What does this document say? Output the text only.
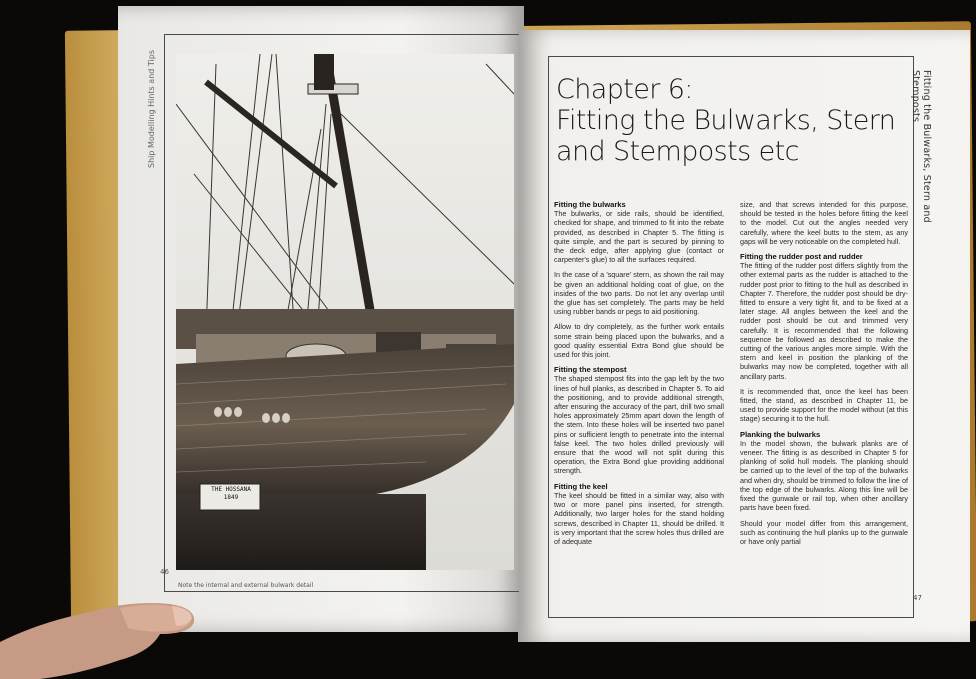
Ship Modelling Hints and Tips	Fitting the Bulwarks, Stern and Stemposts
THE HOSSANA
1849
Note the internal and external bulwark detail
46
Chapter 6:
Fitting the Bulwarks, Stern
and Stemposts etc
Fitting the bulwarks

The bulwarks, or side rails, should be identified, checked for shape, and trimmed to fit into the rebate provided, as described in Chapter 5. The fitting is quite simple, and the part is secured by pinning to the deck edge, after applying glue (contact or carpenter's glue) to all the surfaces required.

In the case of a 'square' stern, as shown the rail may be given an additional holding coat of glue, on the insides of the two parts. Do not let any overlap until the glue has set completely. The parts may be held using rubber bands or pegs to aid positioning.

Allow to dry completely, as the further work entails some strain being placed upon the bulwarks, and a good quality essential Extra Bond glue should be used for this joint.

Fitting the stempost

The shaped stempost fits into the gap left by the two lines of hull planks, as described in Chapter 5. To aid the positioning, and to provide additional strength, after ensuring the accuracy of the part, drill two small holes approximately 25mm apart down the length of the stem. Into these holes will be inserted two panel pins or sufficient length to penetrate into the internal false keel. The two holes drilled previously will ensure that the wood will not split during this operation, the Extra Bond glue providing additional strength.

Fitting the keel

The keel should be fitted in a similar way, also with two or more panel pins inserted, for strength. Additionally, two larger holes for the stand holding screws, described in Chapter 11, should be drilled. It is very important that the screw holes thus drilled are of adequate

size, and that screws intended for this purpose, should be tested in the holes before fitting the keel to the model. Cut out the angles needed very carefully, where the keel butts to the stem, as any gaps will be very noticeable on the completed hull.

Fitting the rudder post and rudder

The fitting of the rudder post differs slightly from the other external parts as the rudder is attached to the rudder post prior to fitting to the hull as described in Chapter 7. Therefore, the rudder post should be dry-fitted to ensure a very tight fit, and to be fixed at a later stage. All angles between the keel and the rudder post should be cut and trimmed very carefully. It is recommended that the following sequence be followed as described to make the cutting of the various angles more simple. With the stern and keel in position the planking of the bulwarks may now be completed, together with all ancillary parts.

It is recommended that, once the keel has been fitted, the stand, as described in Chapter 11, be used to provide support for the model without (at this stage) securing it to the hull.

Planking the bulwarks

In the model shown, the bulwark planks are of veneer. The fitting is as described in Chapter 5 for planking of solid hull models. The planking should be carried up to the level of the top of the bulwarks and when dry, should be trimmed to follow the line of the top edge of the bulwarks. Along this line will be fixed the gunwale or rail top, when other ancillary parts have been fixed.

Should your model differ from this arrangement, such as continuing the hull planks up to the gunwale or have only partial

47
